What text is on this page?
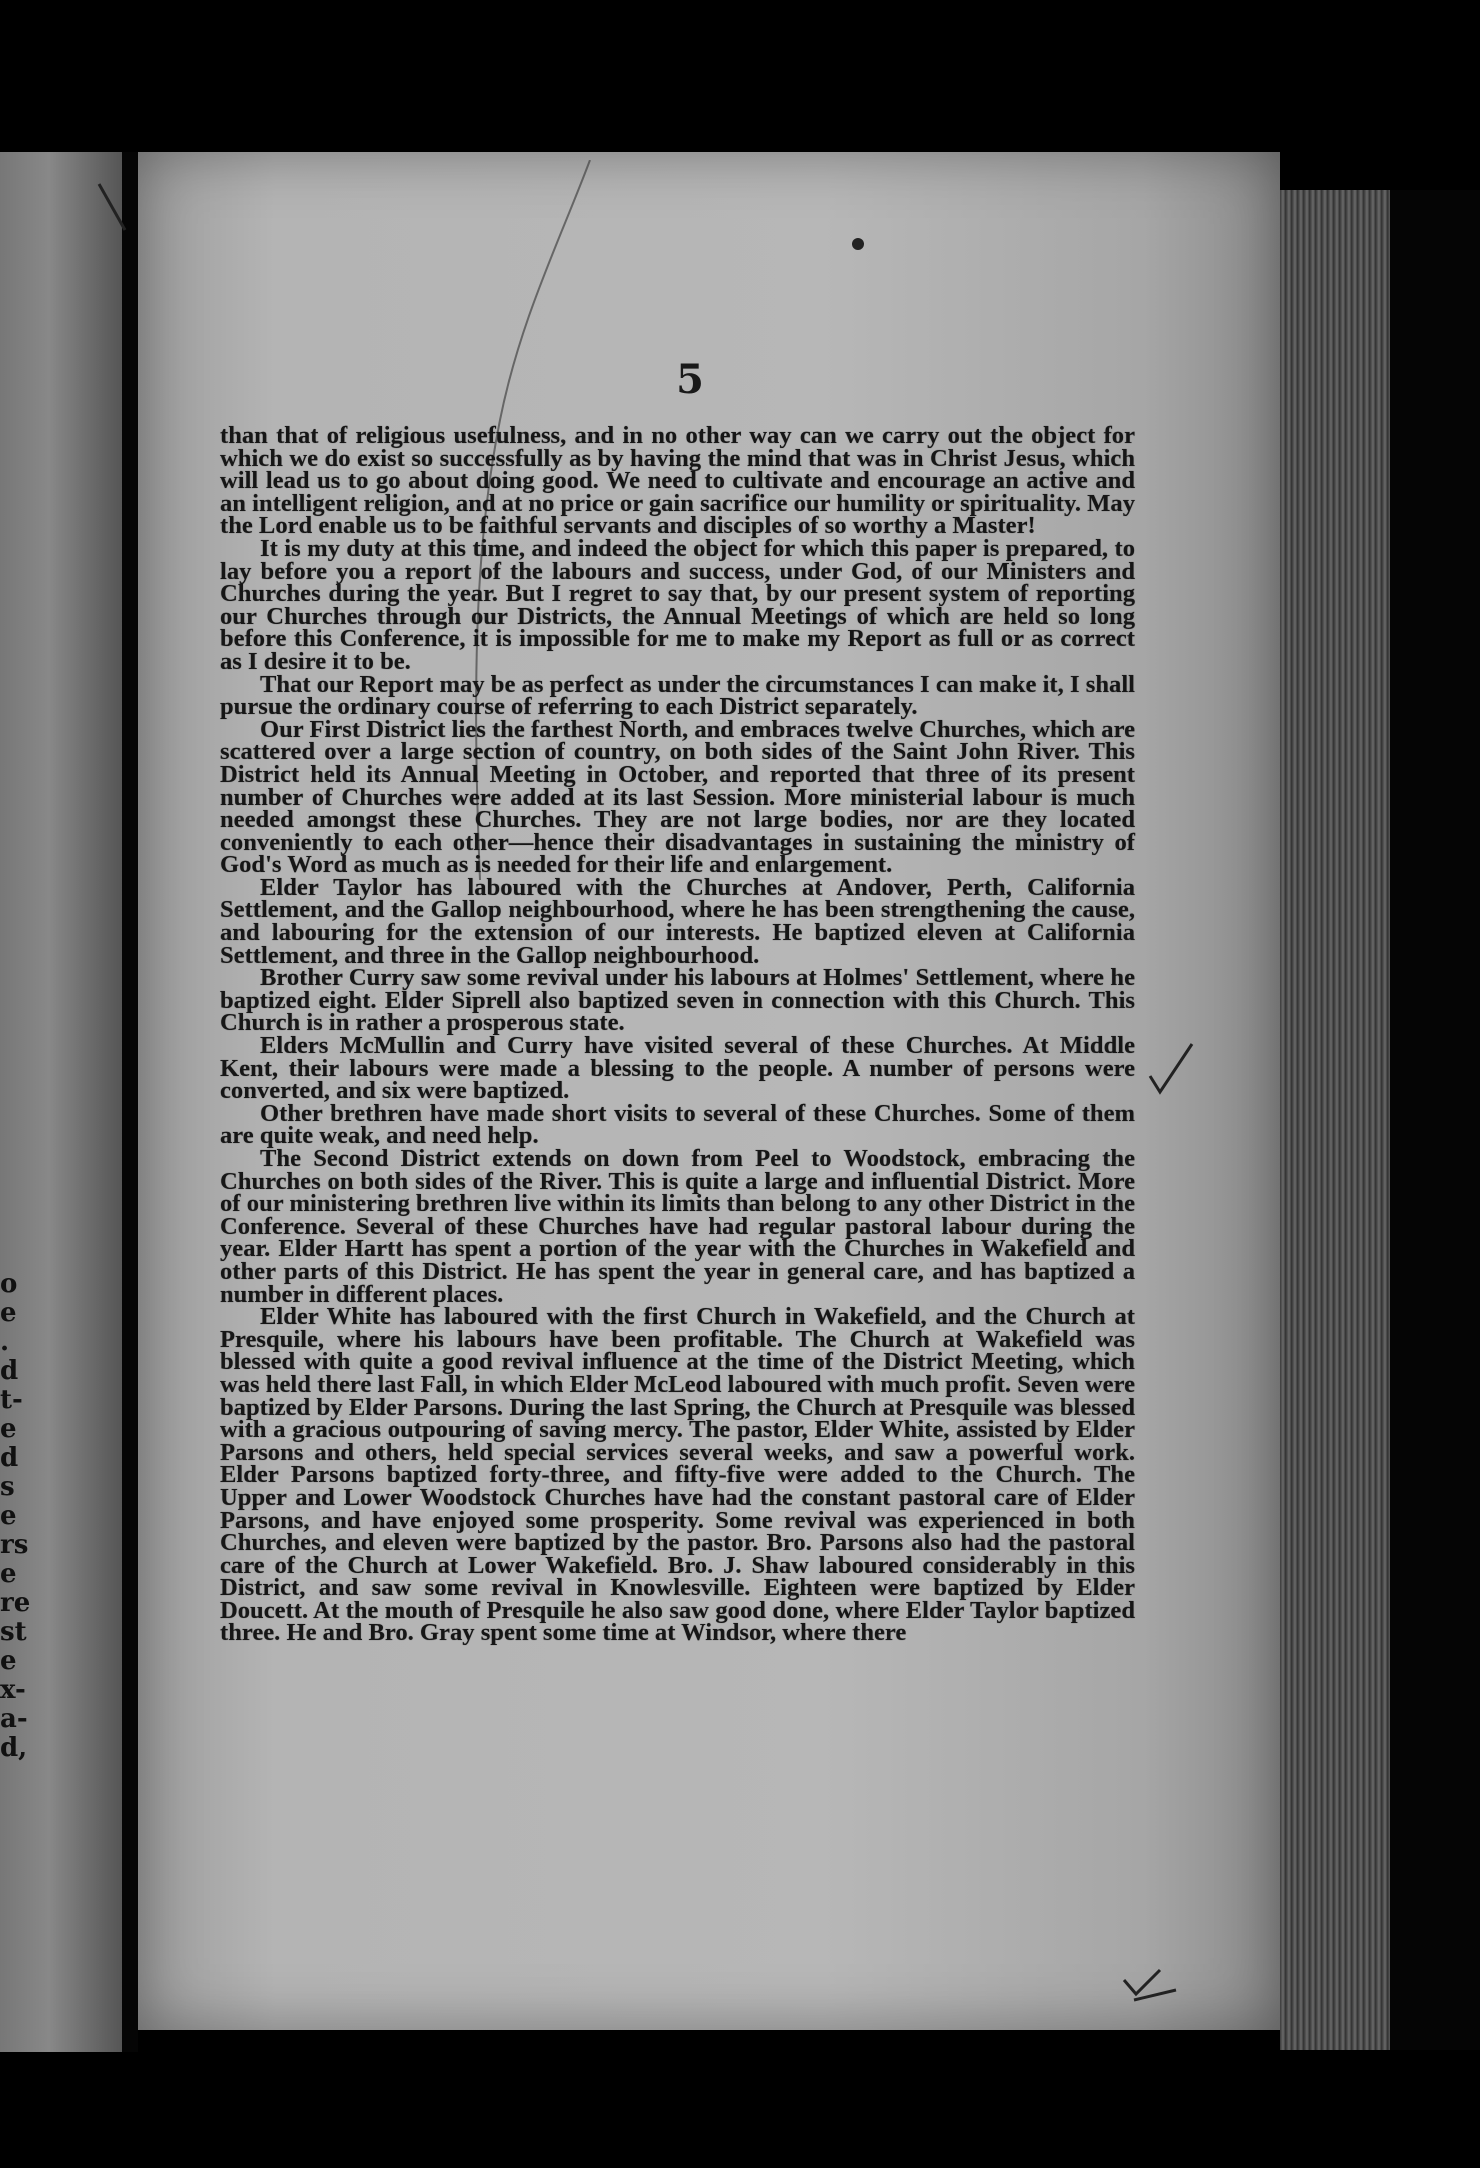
o
e
.
d
t-
e
d
s
e
rs
e
re
st
e
x-
a-
d,
5

than that of religious usefulness, and in no other way can we carry out the object for which we do exist so successfully as by having the mind that was in Christ Jesus, which will lead us to go about doing good. We need to cultivate and encourage an active and an intelligent religion, and at no price or gain sacrifice our humility or spirituality. May the Lord enable us to be faithful servants and disciples of so worthy a Master!

It is my duty at this time, and indeed the object for which this paper is prepared, to lay before you a report of the labours and success, under God, of our Ministers and Churches during the year. But I regret to say that, by our present system of reporting our Churches through our Districts, the Annual Meetings of which are held so long before this Conference, it is impossible for me to make my Report as full or as correct as I desire it to be.

That our Report may be as perfect as under the circumstances I can make it, I shall pursue the ordinary course of referring to each District separately.

Our First District lies the farthest North, and embraces twelve Churches, which are scattered over a large section of country, on both sides of the Saint John River. This District held its Annual Meeting in October, and reported that three of its present number of Churches were added at its last Session. More ministerial labour is much needed amongst these Churches. They are not large bodies, nor are they located conveniently to each other—hence their disadvantages in sustaining the ministry of God's Word as much as is needed for their life and enlargement.

Elder Taylor has laboured with the Churches at Andover, Perth, California Settlement, and the Gallop neighbourhood, where he has been strengthening the cause, and labouring for the extension of our interests. He baptized eleven at California Settlement, and three in the Gallop neighbourhood.

Brother Curry saw some revival under his labours at Holmes' Settlement, where he baptized eight. Elder Siprell also baptized seven in connection with this Church. This Church is in rather a prosperous state.

Elders McMullin and Curry have visited several of these Churches. At Middle Kent, their labours were made a blessing to the people. A number of persons were converted, and six were baptized.

Other brethren have made short visits to several of these Churches. Some of them are quite weak, and need help.

The Second District extends on down from Peel to Woodstock, embracing the Churches on both sides of the River. This is quite a large and influential District. More of our ministering brethren live within its limits than belong to any other District in the Conference. Several of these Churches have had regular pastoral labour during the year. Elder Hartt has spent a portion of the year with the Churches in Wakefield and other parts of this District. He has spent the year in general care, and has baptized a number in different places.

Elder White has laboured with the first Church in Wakefield, and the Church at Presquile, where his labours have been profitable. The Church at Wakefield was blessed with quite a good revival influence at the time of the District Meeting, which was held there last Fall, in which Elder McLeod laboured with much profit. Seven were baptized by Elder Parsons. During the last Spring, the Church at Presquile was blessed with a gracious outpouring of saving mercy. The pastor, Elder White, assisted by Elder Parsons and others, held special services several weeks, and saw a powerful work. Elder Parsons baptized forty-three, and fifty-five were added to the Church. The Upper and Lower Woodstock Churches have had the constant pastoral care of Elder Parsons, and have enjoyed some prosperity. Some revival was experienced in both Churches, and eleven were baptized by the pastor. Bro. Parsons also had the pastoral care of the Church at Lower Wakefield. Bro. J. Shaw laboured considerably in this District, and saw some revival in Knowlesville. Eighteen were baptized by Elder Doucett. At the mouth of Presquile he also saw good done, where Elder Taylor baptized three. He and Bro. Gray spent some time at Windsor, where there
